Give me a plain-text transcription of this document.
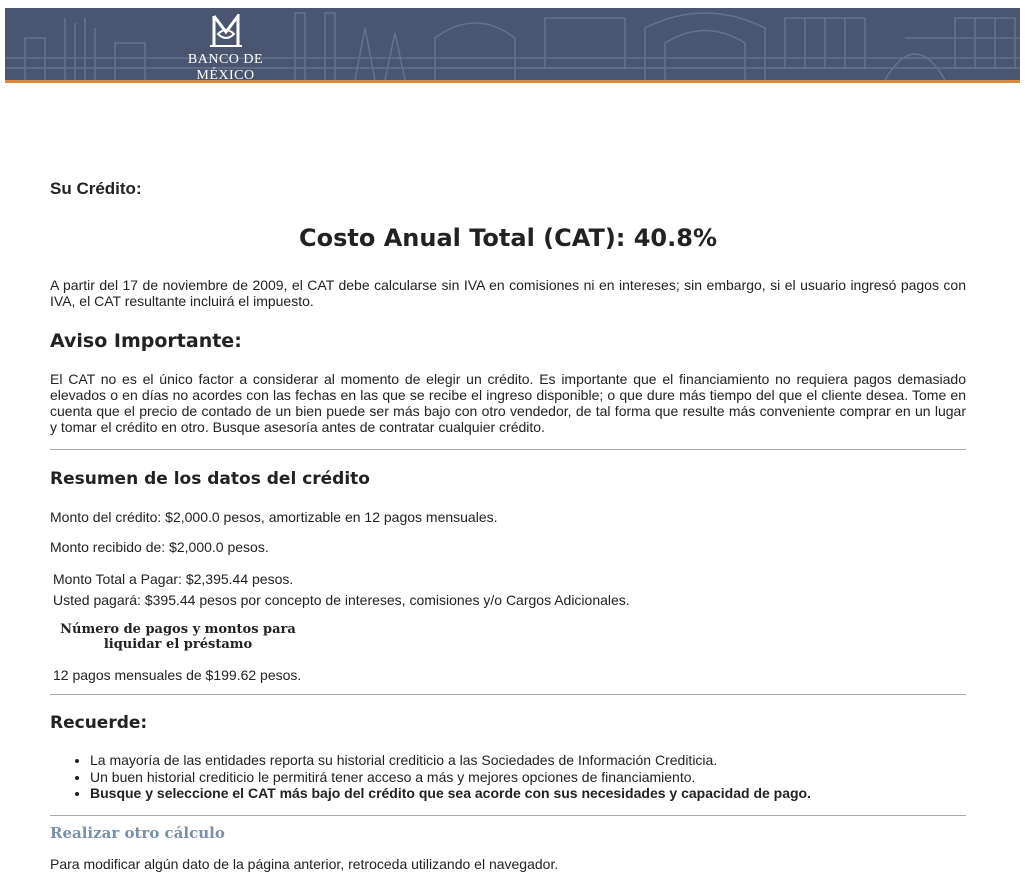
BANCO DE MÉXICO
Su Crédito:
Costo Anual Total (CAT): 40.8%
A partir del 17 de noviembre de 2009, el CAT debe calcularse sin IVA en comisiones ni en intereses; sin embargo, si el usuario ingresó pagos con IVA, el CAT resultante incluirá el impuesto.
Aviso Importante:
El CAT no es el único factor a considerar al momento de elegir un crédito. Es importante que el financiamiento no requiera pagos demasiado elevados o en días no acordes con las fechas en las que se recibe el ingreso disponible; o que dure más tiempo del que el cliente desea. Tome en cuenta que el precio de contado de un bien puede ser más bajo con otro vendedor, de tal forma que resulte más conveniente comprar en un lugar y tomar el crédito en otro. Busque asesoría antes de contratar cualquier crédito.
Resumen de los datos del crédito
Monto del crédito: $2,000.0 pesos, amortizable en 12 pagos mensuales.
Monto recibido de: $2,000.0 pesos.
Monto Total a Pagar: $2,395.44 pesos.
Usted pagará: $395.44 pesos por concepto de intereses, comisiones y/o Cargos Adicionales.
Número de pagos y montos para
liquidar el préstamo
12 pagos mensuales de $199.62 pesos.
Recuerde:
• La mayoría de las entidades reporta su historial crediticio a las Sociedades de Información Crediticia.
• Un buen historial crediticio le permitirá tener acceso a más y mejores opciones de financiamiento.
• Busque y seleccione el CAT más bajo del crédito que sea acorde con sus necesidades y capacidad de pago.
Realizar otro cálculo
Para modificar algún dato de la página anterior, retroceda utilizando el navegador.
